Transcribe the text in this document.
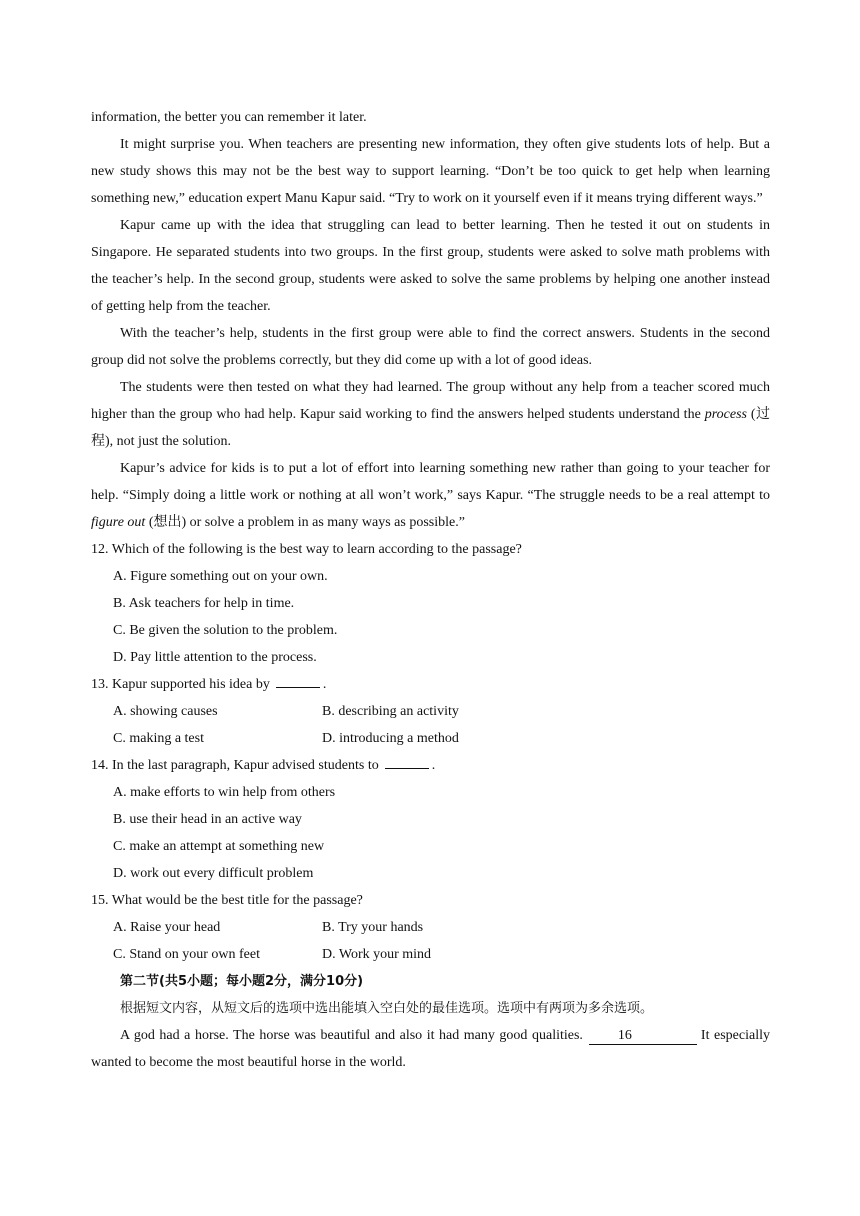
information, the better you can remember it later.
It might surprise you. When teachers are presenting new information, they often give students lots of help. But a new study shows this may not be the best way to support learning. “Don’t be too quick to get help when learning something new,” education expert Manu Kapur said. “Try to work on it yourself even if it means trying different ways.”
Kapur came up with the idea that struggling can lead to better learning. Then he tested it out on students in Singapore. He separated students into two groups. In the first group, students were asked to solve math problems with the teacher’s help. In the second group, students were asked to solve the same problems by helping one another instead of getting help from the teacher.
With the teacher’s help, students in the first group were able to find the correct answers. Students in the second group did not solve the problems correctly, but they did come up with a lot of good ideas.
The students were then tested on what they had learned. The group without any help from a teacher scored much higher than the group who had help. Kapur said working to find the answers helped students understand the process (过程), not just the solution.
Kapur’s advice for kids is to put a lot of effort into learning something new rather than going to your teacher for help. “Simply doing a little work or nothing at all won’t work,” says Kapur. “The struggle needs to be a real attempt to figure out (想出) or solve a problem in as many ways as possible.”
12. Which of the following is the best way to learn according to the passage?
A. Figure something out on your own.
B. Ask teachers for help in time.
C. Be given the solution to the problem.
D. Pay little attention to the process.
13. Kapur supported his idea by	.
A. showing causes	B. describing an activity
C. making a test	D. introducing a method
14. In the last paragraph, Kapur advised students to	.
A. make efforts to win help from others
B. use their head in an active way
C. make an attempt at something new
D. work out every difficult problem
15. What would be the best title for the passage?
A. Raise your head	B. Try your hands
C. Stand on your own feet	D. Work your mind
第二节(共5小题；每小题2分，满分10分)
根据短文内容，从短文后的选项中选出能填入空白处的最佳选项。选项中有两项为多余选项。
A god had a horse. The horse was beautiful and also it had many good qualities.	16	It especially wanted to become the most beautiful horse in the world.
